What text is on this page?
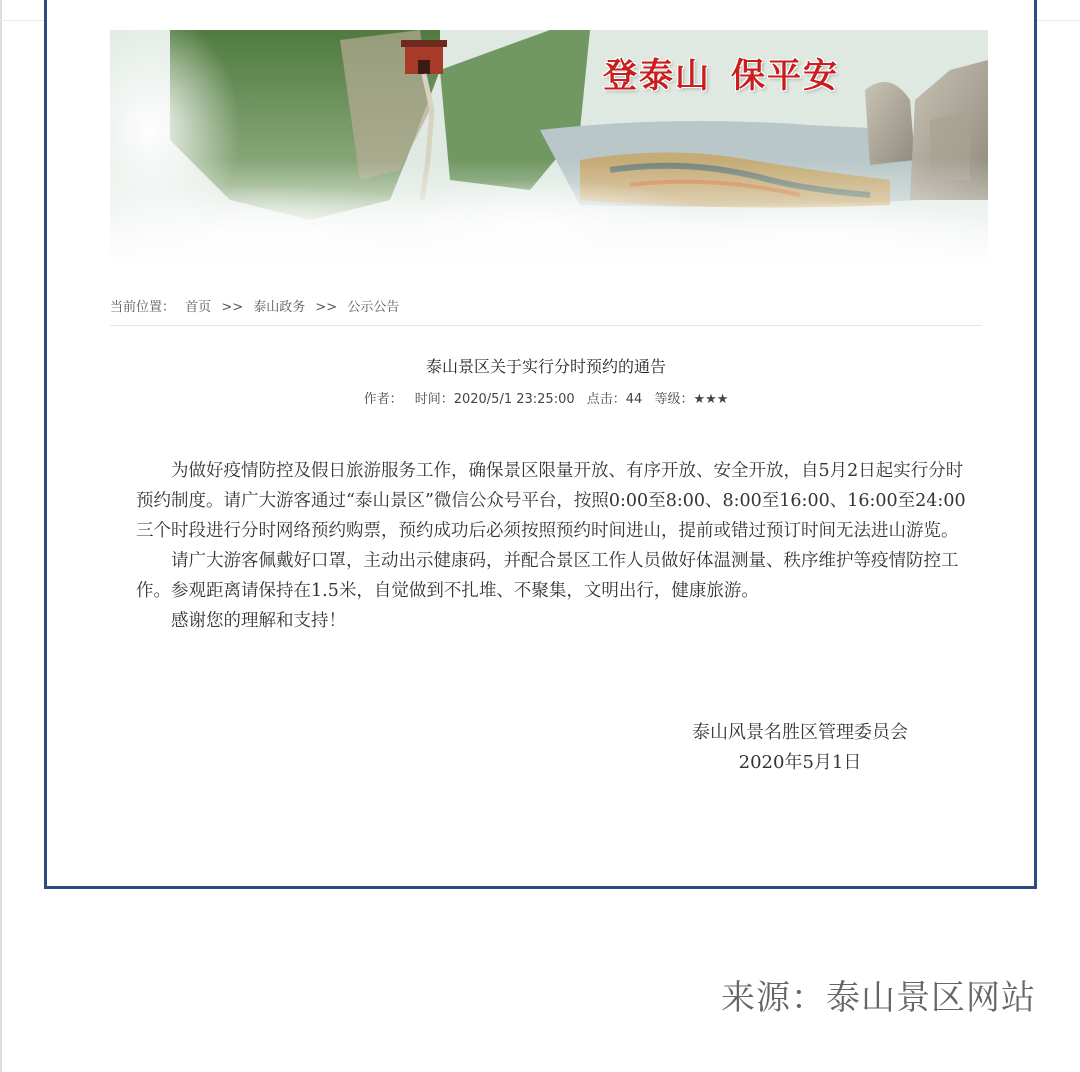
登泰山 保平安
当前位置： 首页 >> 泰山政务 >> 公示公告
泰山景区关于实行分时预约的通告
作者： 时间：2020/5/1 23:25:00 点击：44 等级：★★★

为做好疫情防控及假日旅游服务工作，确保景区限量开放、有序开放、安全开放，自5月2日起实行分时预约制度。请广大游客通过“泰山景区”微信公众号平台，按照0:00至8:00、8:00至16:00、16:00至24:00三个时段进行分时网络预约购票，预约成功后必须按照预约时间进山，提前或错过预订时间无法进山游览。

请广大游客佩戴好口罩，主动出示健康码，并配合景区工作人员做好体温测量、秩序维护等疫情防控工作。参观距离请保持在1.5米，自觉做到不扎堆、不聚集，文明出行，健康旅游。

感谢您的理解和支持！

泰山风景名胜区管理委员会
2020年5月1日
来源：泰山景区网站
